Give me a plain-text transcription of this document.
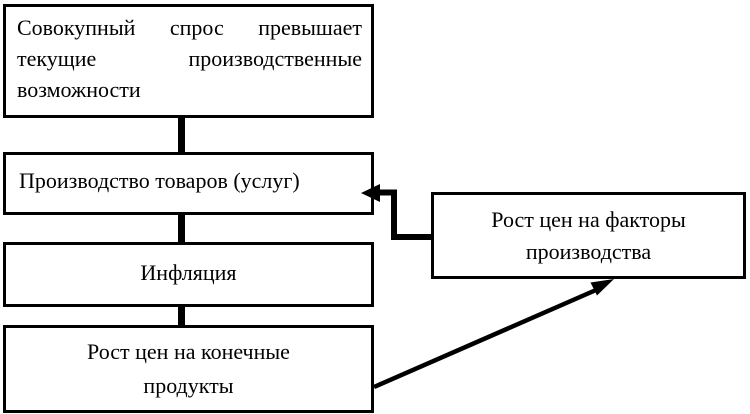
Совокупный спрос превышает
текущие производственные
возможности
Производство товаров (услуг)
Инфляция
Рост цен на конечные
продукты
Рост цен на факторы
производства
